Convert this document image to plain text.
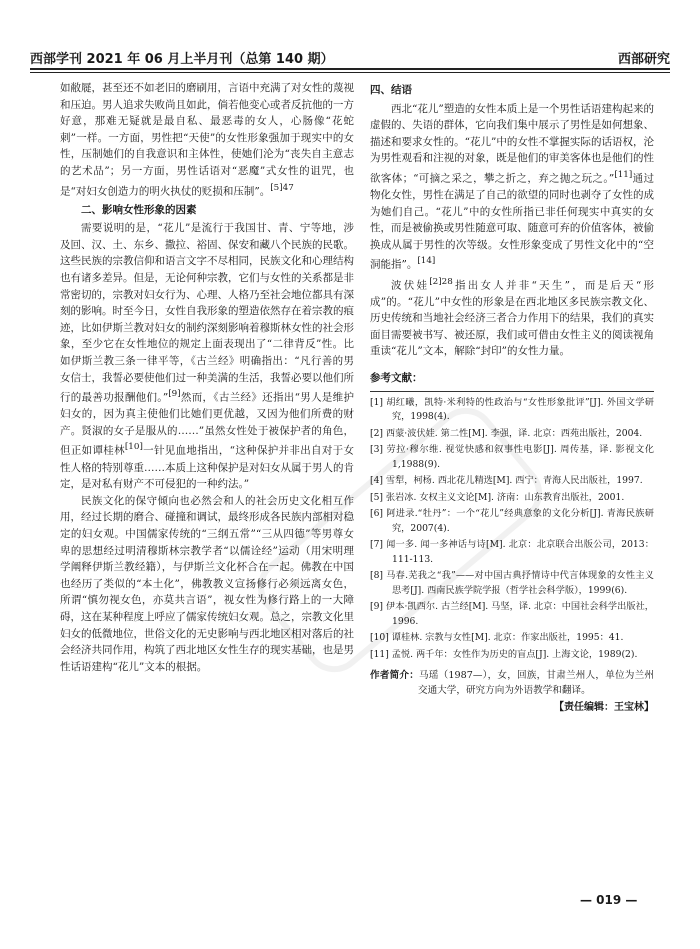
西部学刊 2021 年 06 月上半月刊（总第 140 期）	西部研究

如敝屣，甚至还不如老旧的磨刷用，言语中充满了对女性的蔑视和压迫。男人追求失败尚且如此，倘若他变心或者反抗他的一方好意，那难无疑就是最自私、最恶毒的女人，心肠像“花蛇刺”一样。一方面，男性把“天使”的女性形象强加于现实中的女性，压制她们的自我意识和主体性，使她们沦为“丧失自主意志的艺术品”；另一方面，男性话语对“恶魔”式女性的诅咒，也是“对妇女创造力的明火执仗的贬损和压制”。$^{[5]47}$

二、影响女性形象的因素

需要说明的是，“花儿”是流行于我国甘、青、宁等地，涉及回、汉、土、东乡、撒拉、裕固、保安和藏八个民族的民歌。这些民族的宗教信仰和语言文字不尽相同，民族文化和心理结构也有诸多差异。但是，无论何种宗教，它们与女性的关系都是非常密切的，宗教对妇女行为、心理、人格乃至社会地位都具有深刻的影响。时至今日，女性自我形象的塑造依然存在着宗教的痕迹，比如伊斯兰教对妇女的制约深刻影响着穆斯林女性的社会形象，至少它在女性地位的规定上面表现出了“二律背反”性。比如伊斯兰教三条一律平等，《古兰经》明确指出：“凡行善的男女信士，我誓必要使他们过一种美满的生活，我誓必要以他们所行的最善功报酬他们。”[9]然而，《古兰经》还指出“男人是维护妇女的，因为真主使他们比她们更优越，又因为他们所费的财产。贤淑的女子是服从的……”虽然女性处于被保护者的角色，但正如谭桂林[10]一针见血地指出，“这种保护并非出自对于女性人格的特别尊重……本质上这种保护是对妇女从属于男人的肯定，是对私有财产不可侵犯的一种约法。”

民族文化的保守倾向也必然会和人的社会历史文化相互作用，经过长期的磨合、碰撞和调试，最终形成各民族内部相对稳定的妇女观。中国儒家传统的“三纲五常”“三从四德”等男尊女卑的思想经过明清穆斯林宗教学者“以儒诠经”运动（用宋明理学阐释伊斯兰教经籍），与伊斯兰文化杯合在一起。佛教在中国也经历了类似的“本土化”，佛教教义宣扬修行必须远离女色，所谓“慎勿视女色，亦莫共言语”，视女性为修行路上的一大障碍，这在某种程度上呼应了儒家传统妇女观。总之，宗教文化里妇女的低微地位，世俗文化的无史影响与西北地区相对落后的社会经济共同作用，构筑了西北地区女性生存的现实基础，也是男性话语建构“花儿”文本的根据。

四、结语

西北“花儿”塑造的女性本质上是一个男性话语建构起来的虚假的、失语的群体，它向我们集中展示了男性是如何想象、描述和要求女性的。“花儿”中的女性不掌握实际的话语权，沦为男性观看和注视的对象，既是他们的审美客体也是他们的性欲客体；“可摘之采之，攀之折之，弃之抛之玩之。”[11]通过物化女性，男性在满足了自己的欲望的同时也剥夺了女性的成为她们自己。“花儿”中的女性所指已非任何现实中真实的女性，而是被偷换或男性随意可取、随意可弃的价值客体，被偷换成从属于男性的次等级。女性形象变成了男性文化中的“空洞能指”。[14]

波伏娃$^{[2]28}$指出女人并非“天生”，而是后天“形成”的。“花儿”中女性的形象是在西北地区多民族宗教文化、历史传统和当地社会经济三者合力作用下的结果，我们的真实面目需要被书写、被还原，我们或可借由女性主义的阅读视角重读“花儿”文本，解除“封印”的女性力量。

参考文献：
[1] 胡红曦，凯特·米利特的性政治与“女性形象批评”[J]. 外国文学研究，1998(4).
[2] 西蒙·波伏娃. 第二性[M]. 李强，译. 北京：西苑出版社，2004.
[3] 劳拉·穆尔维. 视觉快感和叙事性电影[J]. 周传基，译. 影视文化 1,1988(9).
[4] 雪犁，柯杨. 西北花儿精选[M]. 西宁：青海人民出版社，1997.
[5] 张岩冰. 女权主义文论[M]. 济南：山东教育出版社，2001.
[6] 阿进录.“牡丹”：一个“花儿”经典意象的文化分析[J]. 青海民族研究，2007(4).
[7] 闻一多. 闻一多神话与诗[M]. 北京：北京联合出版公司，2013：111-113.
[8] 马春.芜我之“我”——对中国古典抒情诗中代言体现象的女性主义思考[J]. 西南民族学院学报（哲学社会科学版），1999(6).
[9] 伊本·凯西尔. 古兰经[M]. 马坚，译. 北京：中国社会科学出版社，1996.
[10] 谭桂林. 宗教与女性[M]. 北京：作家出版社，1995：41.
[11] 孟悦. 两千年：女性作为历史的盲点[J]. 上海文论，1989(2).
作者简介：马瑶（1987—），女，回族，甘肃兰州人，单位为兰州交通大学，研究方向为外语教学和翻译。
【责任编辑：王宝林】
— 019 —
